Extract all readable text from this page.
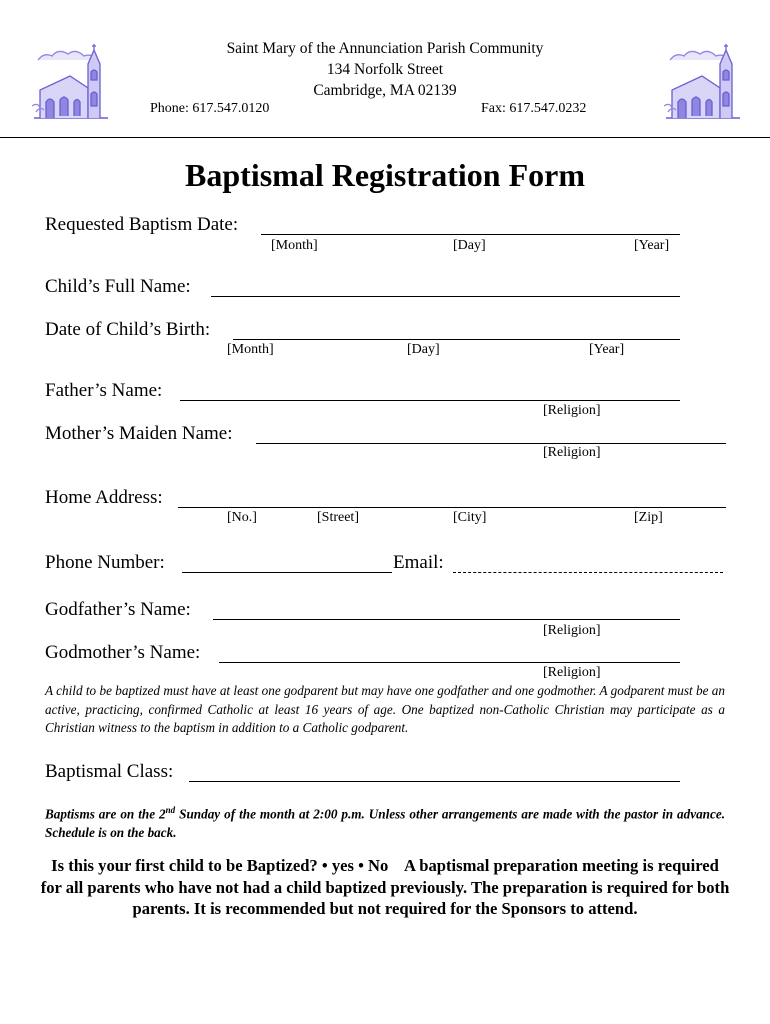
Saint Mary of the Annunciation Parish Community
134 Norfolk Street
Cambridge, MA 02139
Phone: 617.547.0120	Fax: 617.547.0232
Baptismal Registration Form
Requested Baptism Date:
[Month]	[Day]	[Year]
Child’s Full Name:
Date of Child’s Birth:
[Month]	[Day]	[Year]
Father’s Name:
[Religion]
Mother’s Maiden Name:
[Religion]
Home Address:
[No.]	[Street]	[City]	[Zip]
Phone Number:	Email:
Godfather’s Name:
[Religion]
Godmother’s Name:
[Religion]
A child to be baptized must have at least one godparent but may have one godfather and one godmother. A godparent must be an active, practicing, confirmed Catholic at least 16 years of age. One baptized non-Catholic Christian may participate as a Christian witness to the baptism in addition to a Catholic godparent.
Baptismal Class:
Baptisms are on the 2nd Sunday of the month at 2:00 p.m. Unless other arrangements are made with the pastor in advance. Schedule is on the back.
Is this your first child to be Baptized? • yes • No A baptismal preparation meeting is required for all parents who have not had a child baptized previously. The preparation is required for both parents. It is recommended but not required for the Sponsors to attend.
